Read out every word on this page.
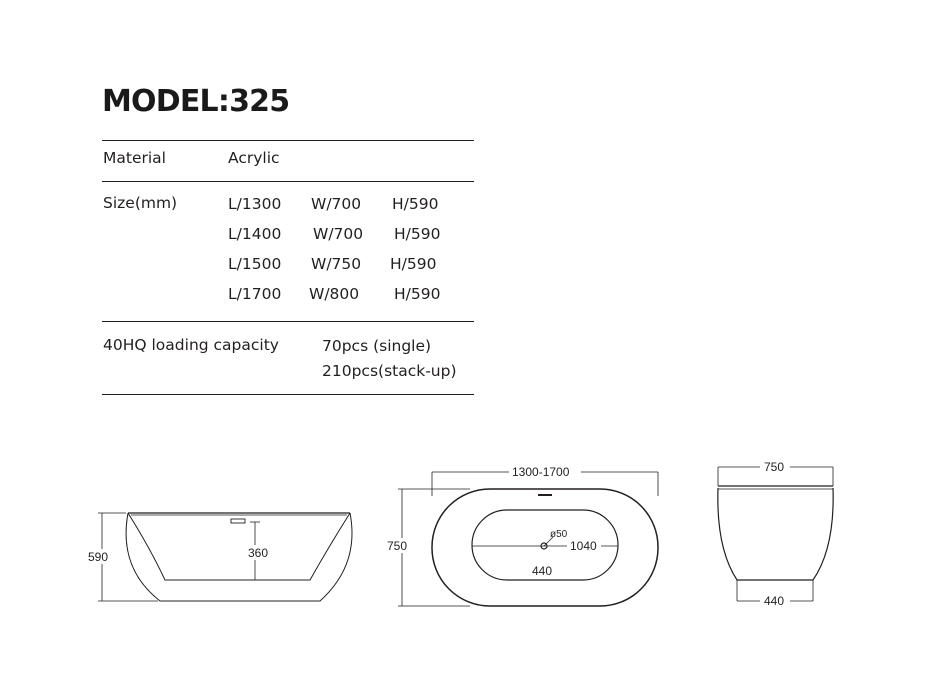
MODEL:325
Material	Acrylic
Size(mm)	L/1300 W/700 H/590
L/1400 W/700 H/590
L/1500 W/750 H/590
L/1700 W/800 H/590
40HQ loading capacity	70pcs (single)
210pcs(stack-up)
590	360
1300-1700
750
ø50
1040
440
750
440
